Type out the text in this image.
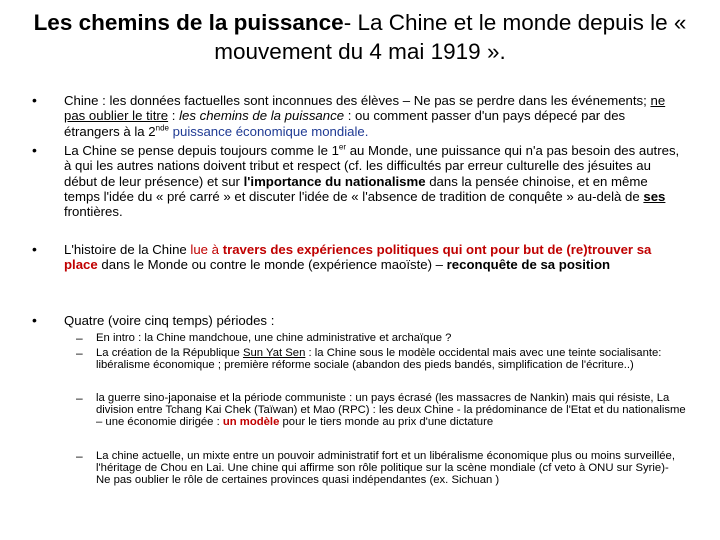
Les chemins de la puissance- La Chine et le monde depuis le « mouvement du 4 mai 1919 ».
• Chine : les données factuelles sont inconnues des élèves – Ne pas se perdre dans les événements; ne pas oublier le titre : les chemins de la puissance : ou comment passer d'un pays dépecé par des étrangers à la 2nde puissance économique mondiale.
• La Chine se pense depuis toujours comme le 1er au Monde, une puissance qui n'a pas besoin des autres, à qui les autres nations doivent tribut et respect (cf. les difficultés par erreur culturelle des jésuites au début de leur présence) et sur l'importance du nationalisme dans la pensée chinoise, et en même temps l'idée du « pré carré » et discuter l'idée de « l'absence de tradition de conquête » au-delà de ses frontières.
• L'histoire de la Chine lue à travers des expériences politiques qui ont pour but de (re)trouver sa place dans le Monde ou contre le monde (expérience maoïste) – reconquête de sa position
• Quatre (voire cinq temps) périodes :
– En intro : la Chine mandchoue, une chine administrative et archaïque ?
– La création de la République Sun Yat Sen : la Chine sous le modèle occidental mais avec une teinte socialisante: libéralisme économique ; première réforme sociale (abandon des pieds bandés, simplification de l'écriture..)
– la guerre sino-japonaise et la période communiste : un pays écrasé (les massacres de Nankin) mais qui résiste, La division entre Tchang Kai Chek (Taïwan) et Mao (RPC) : les deux Chine - la prédominance de l'Etat et du nationalisme – une économie dirigée : un modèle pour le tiers monde au prix d'une dictature
– La chine actuelle, un mixte entre un pouvoir administratif fort et un libéralisme économique plus ou moins surveillée, l'héritage de Chou en Lai. Une chine qui affirme son rôle politique sur la scène mondiale (cf veto à ONU sur Syrie)- Ne pas oublier le rôle de certaines provinces quasi indépendantes (ex. Sichuan )
